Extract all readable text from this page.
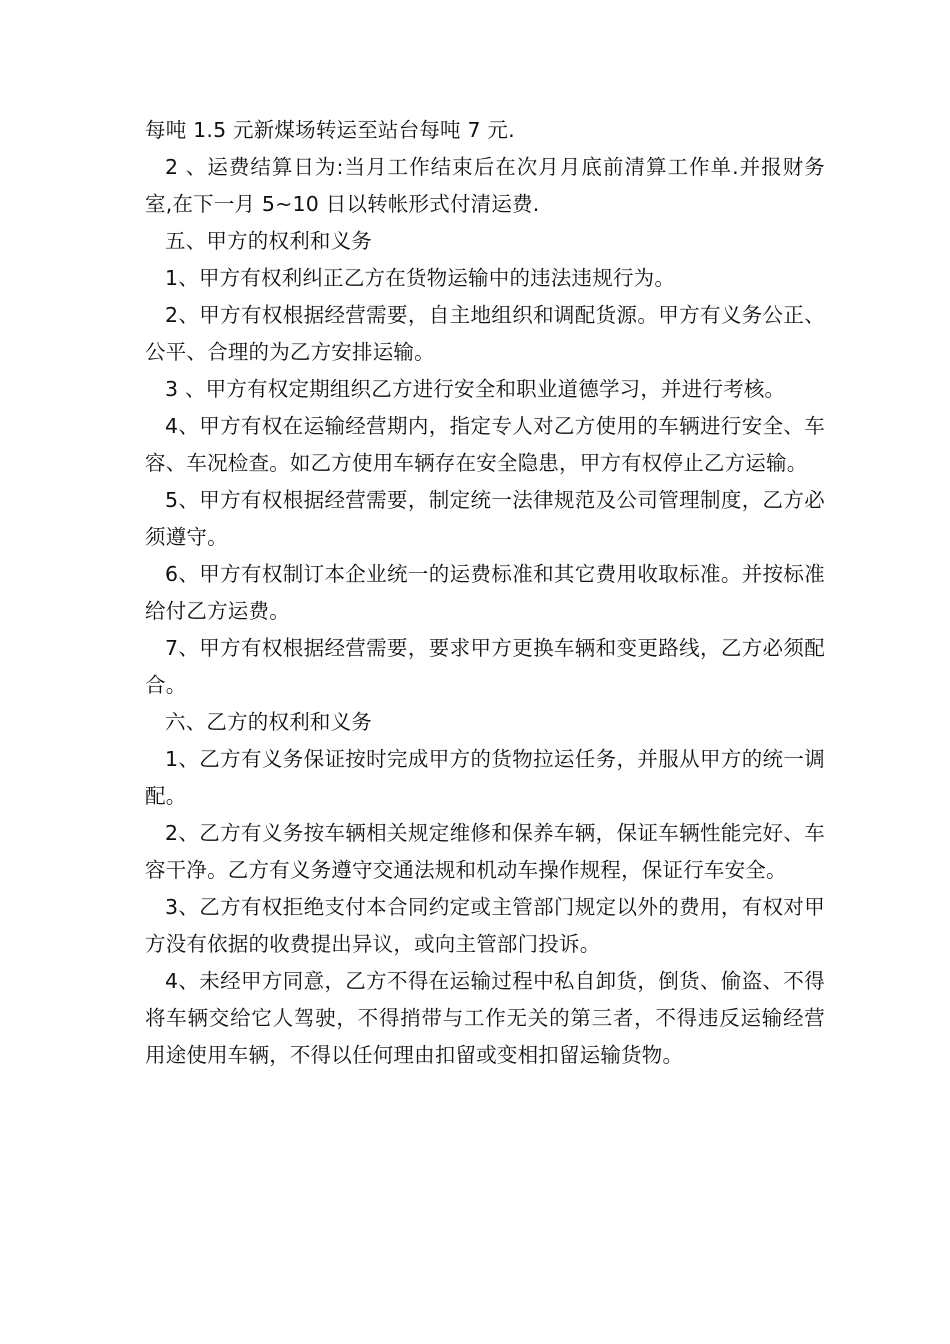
每吨 1.5 元新煤场转运至站台每吨 7 元.

2 、运费结算日为:当月工作结束后在次月月底前清算工作单.并报财务室,在下一月 5~10 日以转帐形式付清运费.

五、甲方的权利和义务

1、甲方有权利纠正乙方在货物运输中的违法违规行为。

2、甲方有权根据经营需要，自主地组织和调配货源。甲方有义务公正、公平、合理的为乙方安排运输。

3 、甲方有权定期组织乙方进行安全和职业道德学习，并进行考核。

4、甲方有权在运输经营期内，指定专人对乙方使用的车辆进行安全、车容、车况检查。如乙方使用车辆存在安全隐患，甲方有权停止乙方运输。

5、甲方有权根据经营需要，制定统一法律规范及公司管理制度，乙方必须遵守。

6、甲方有权制订本企业统一的运费标准和其它费用收取标准。并按标准给付乙方运费。

7、甲方有权根据经营需要，要求甲方更换车辆和变更路线，乙方必须配合。

六、乙方的权利和义务

1、乙方有义务保证按时完成甲方的货物拉运任务，并服从甲方的统一调配。

2、乙方有义务按车辆相关规定维修和保养车辆，保证车辆性能完好、车容干净。乙方有义务遵守交通法规和机动车操作规程，保证行车安全。

3、乙方有权拒绝支付本合同约定或主管部门规定以外的费用，有权对甲方没有依据的收费提出异议，或向主管部门投诉。

4、未经甲方同意，乙方不得在运输过程中私自卸货，倒货、偷盗、不得将车辆交给它人驾驶，不得捎带与工作无关的第三者，不得违反运输经营用途使用车辆，不得以任何理由扣留或变相扣留运输货物。
